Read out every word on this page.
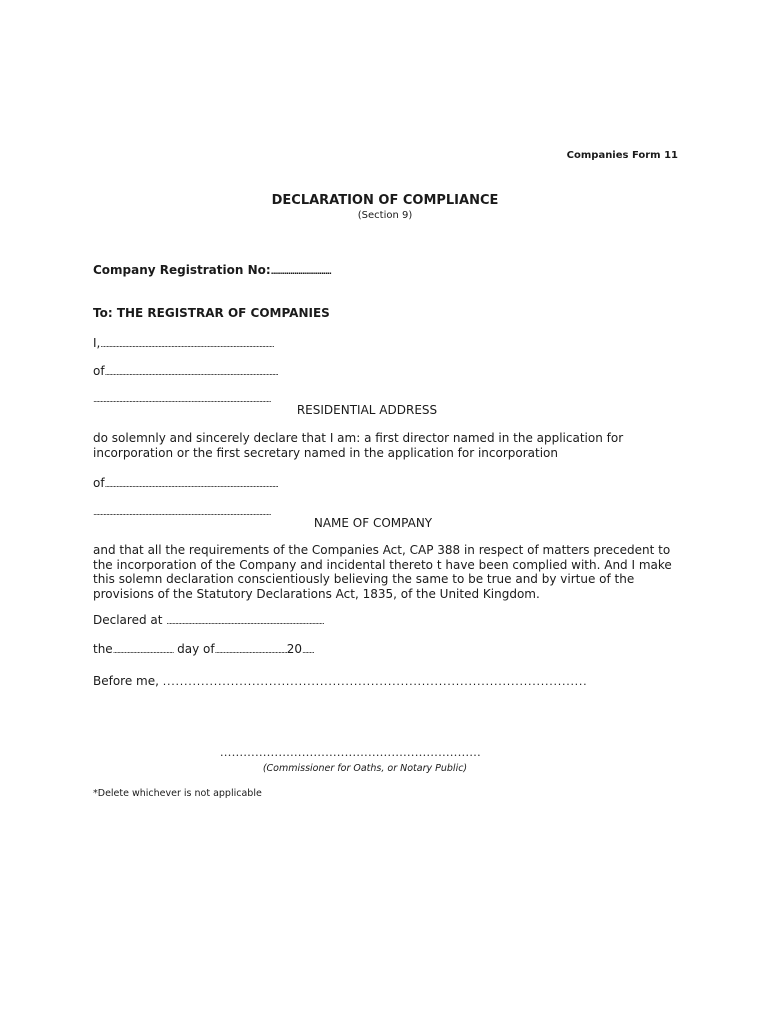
Companies Form 11
DECLARATION OF COMPLIANCE
(Section 9)
Company Registration No:...............................
To: THE REGISTRAR OF COMPANIES
I,........................................................................................................................
of........................................................................................................................
...........................................................................................................................
RESIDENTIAL ADDRESS
do solemnly and sincerely declare that I am: a first director named in the application for incorporation or the first secretary named in the application for incorporation
of........................................................................................................................
...........................................................................................................................
NAME OF COMPANY
and that all the requirements of the Companies Act, CAP 388 in respect of matters precedent to the incorporation of the Company and incidental thereto t have been complied with. And I make this solemn declaration conscientiously believing the same to be true and by virtue of the provisions of the Statutory Declarations Act, 1835, of the United Kingdom.
Declared at .............................................................................................................
the.......................................... day of..................................................20........
Before me, ....................................................................................................
...................................................................
(Commissioner for Oaths, or Notary Public)
*Delete whichever is not applicable
